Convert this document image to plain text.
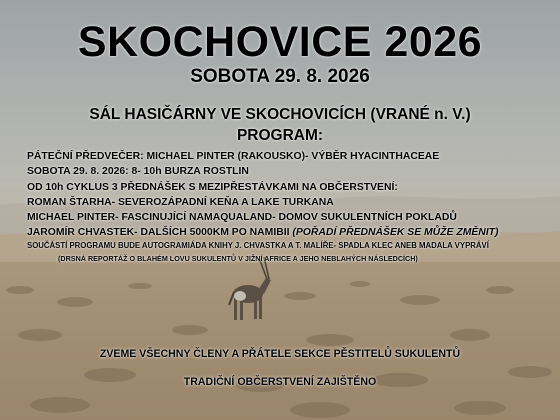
SKOCHOVICE 2026
SOBOTA 29. 8. 2026
SÁL HASIČÁRNY VE SKOCHOVICÍCH (VRANÉ n. V.)
PROGRAM:
PÁTEČNÍ PŘEDVEČER: MICHAEL PINTER (RAKOUSKO)- VÝBĚR HYACINTHACEAE
SOBOTA 29. 8. 2026: 8- 10h BURZA ROSTLIN
OD 10h CYKLUS 3 PŘEDNÁŠEK S MEZIPŘESTÁVKAMI NA OBČERSTVENÍ:
ROMAN ŠTARHA- SEVEROZÁPADNÍ KEŇA A LAKE TURKANA
MICHAEL PINTER- FASCINUJÍCÍ NAMAQUALAND- DOMOV SUKULENTNÍCH POKLADŮ
JAROMÍR CHVASTEK- DALŠÍCH 5000KM PO NAMIBII (POŘADÍ PŘEDNÁŠEK SE MŮŽE ZMĚNIT)
SOUČÁSTÍ PROGRAMU BUDE AUTOGRAMIÁDA KNIHY J. CHVASTKA A T. MALÍŘE- SPADLA KLEC ANEB MADALA VYPRÁVÍ
(DRSNÁ REPORTÁŽ O BLAHÉM LOVU SUKULENTŮ V JIŽNÍ AFRICE A JEHO NEBLAHÝCH NÁSLEDCÍCH)
ZVEME VŠECHNY ČLENY A PŘÁTELE SEKCE PĚSTITELŮ SUKULENTŮ
TRADIČNÍ OBČERSTVENÍ ZAJIŠTĚNO
